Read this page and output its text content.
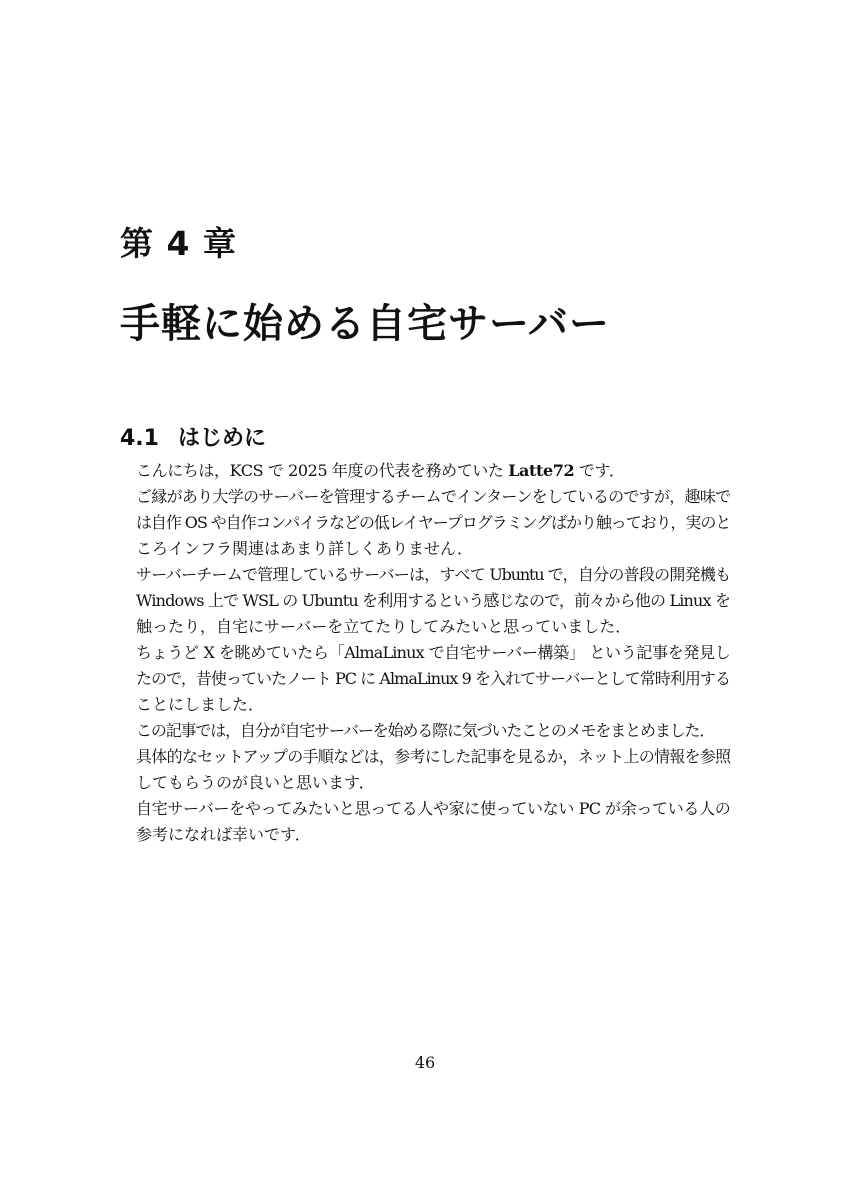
第 4 章
手軽に始める自宅サーバー
4.1 はじめに

こんにちは，KCS で 2025 年度の代表を務めていた Latte72 です．

ご縁があり大学のサーバーを管理するチームでインターンをしているのですが，趣味で
は自作 OS や自作コンパイラなどの低レイヤープログラミングばかり触っており，実のと
ころインフラ関連はあまり詳しくありません．

サーバーチームで管理しているサーバーは，すべて Ubuntu で，自分の普段の開発機も
Windows 上で WSL の Ubuntu を利用するという感じなので，前々から他の Linux を
触ったり，自宅にサーバーを立てたりしてみたいと思っていました．

ちょうど X を眺めていたら「AlmaLinux で自宅サーバー構築」 という記事を発見し
たので，昔使っていたノート PC に AlmaLinux 9 を入れてサーバーとして常時利用する
ことにしました．

この記事では，自分が自宅サーバーを始める際に気づいたことのメモをまとめました．

具体的なセットアップの手順などは，参考にした記事を見るか，ネット上の情報を参照
してもらうのが良いと思います．

自宅サーバーをやってみたいと思ってる人や家に使っていない PC が余っている人の
参考になれば幸いです．

46
